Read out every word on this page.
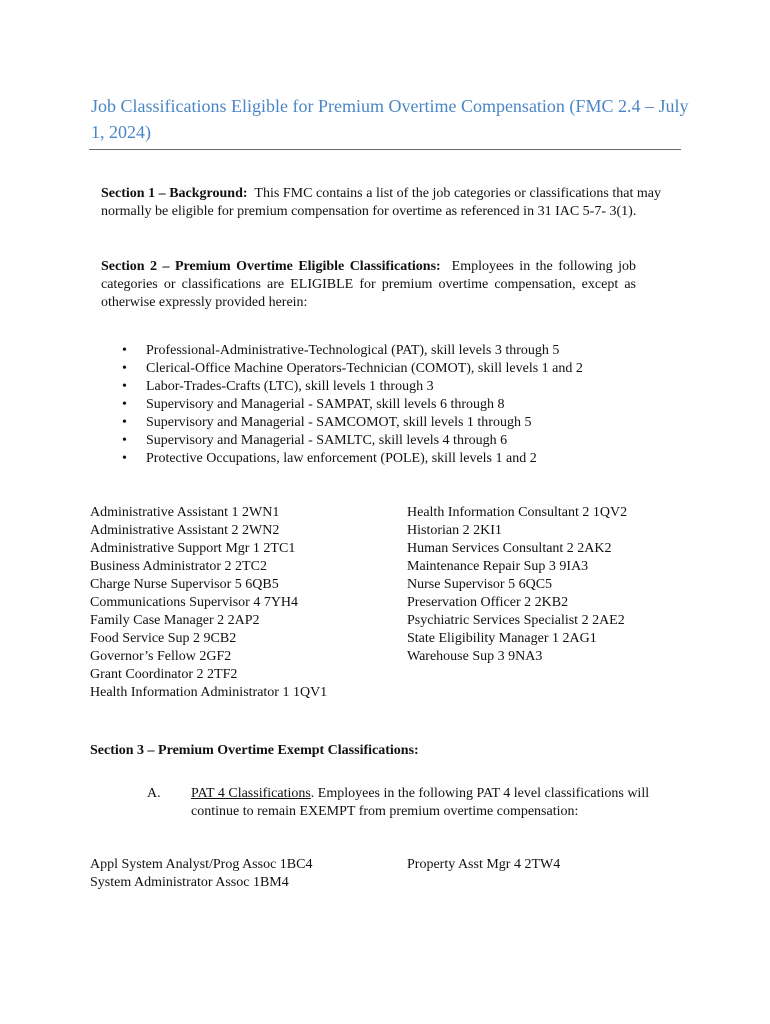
Job Classifications Eligible for Premium Overtime Compensation (FMC 2.4 – July 1, 2024)
Section 1 – Background: This FMC contains a list of the job categories or classifications that may normally be eligible for premium compensation for overtime as referenced in 31 IAC 5-7- 3(1).
Section 2 – Premium Overtime Eligible Classifications: Employees in the following job categories or classifications are ELIGIBLE for premium overtime compensation, except as otherwise expressly provided herein:
• Professional-Administrative-Technological (PAT), skill levels 3 through 5
• Clerical-Office Machine Operators-Technician (COMOT), skill levels 1 and 2
• Labor-Trades-Crafts (LTC), skill levels 1 through 3
• Supervisory and Managerial - SAMPAT, skill levels 6 through 8
• Supervisory and Managerial - SAMCOMOT, skill levels 1 through 5
• Supervisory and Managerial - SAMLTC, skill levels 4 through 6
• Protective Occupations, law enforcement (POLE), skill levels 1 and 2
Administrative Assistant 1 2WN1
Administrative Assistant 2 2WN2
Administrative Support Mgr 1 2TC1
Business Administrator 2 2TC2
Charge Nurse Supervisor 5 6QB5
Communications Supervisor 4 7YH4
Family Case Manager 2 2AP2
Food Service Sup 2 9CB2
Governor’s Fellow 2GF2
Grant Coordinator 2 2TF2
Health Information Administrator 1 1QV1
Health Information Consultant 2 1QV2
Historian 2 2KI1
Human Services Consultant 2 2AK2
Maintenance Repair Sup 3 9IA3
Nurse Supervisor 5 6QC5
Preservation Officer 2 2KB2
Psychiatric Services Specialist 2 2AE2
State Eligibility Manager 1 2AG1
Warehouse Sup 3 9NA3
Section 3 – Premium Overtime Exempt Classifications:
A. PAT 4 Classifications. Employees in the following PAT 4 level classifications will continue to remain EXEMPT from premium overtime compensation:
Appl System Analyst/Prog Assoc 1BC4
System Administrator Assoc 1BM4
Property Asst Mgr 4 2TW4
